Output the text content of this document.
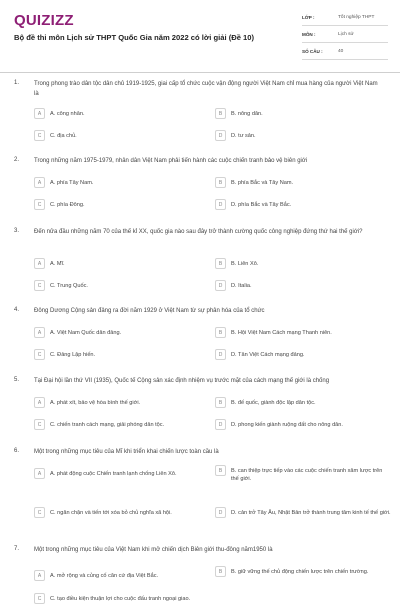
QUIZIZZ
Bộ đề thi môn Lịch sử THPT Quốc Gia năm 2022 có lời giải (Đề 10)
LỚP :	Tốt nghiệp THPT
MÔN :	Lịch sử
SỐ CÂU :	40
1. Trong phong trào dân tộc dân chủ 1919-1925, giai cấp tổ chức cuộc vận động người Việt Nam chỉ mua hàng của người Việt Nam là
A	A. công nhân.	B	B. nông dân.
C	C. địa chủ.	D	D. tư sản.
2. Trong những năm 1975-1979, nhân dân Việt Nam phải tiến hành các cuộc chiến tranh bảo vệ biên giới
A	A. phía Tây Nam.	B	B. phía Bắc và Tây Nam.
C	C. phía Đông.	D	D. phía Bắc và Tây Bắc.
3. Đến nửa đầu những năm 70 của thế kỉ XX, quốc gia nào sau đây trở thành cường quốc công nghiệp đứng thứ hai thế giới?
A	A. Mĩ.	B	B. Liên Xô.
C	C. Trung Quốc.	D	D. Italia.
4. Đông Dương Cộng sản đảng ra đời năm 1929 ở Việt Nam từ sự phân hóa của tổ chức
A	A. Việt Nam Quốc dân đảng.	B	B. Hội Việt Nam Cách mạng Thanh niên.
C	C. Đảng Lập hiến.	D	D. Tân Việt Cách mạng đảng.
5. Tại Đại hội lần thứ VII (1935), Quốc tế Cộng sản xác định nhiệm vụ trước mặt của cách mạng thế giới là chống
A	A. phát xít, bảo vệ hòa bình thế giới.	B	B. đế quốc, giành độc lập dân tộc.
C	C. chiến tranh cách mạng, giải phóng dân tộc.	D	D. phong kiến giành ruộng đất cho nông dân.
6. Một trong những mục tiêu của Mĩ khi triển khai chiến lược toàn cầu là
A	A. phát động cuộc Chiến tranh lạnh chống Liên Xô.	B	B. can thiệp trực tiếp vào các cuộc chiến tranh xâm lược trên thế giới.
C	C. ngăn chặn và tiến tới xóa bỏ chủ nghĩa xã hội.	D	D. cản trở Tây Âu, Nhật Bản trở thành trung tâm kinh tế thế giới.
7. Một trong những mục tiêu của Việt Nam khi mở chiến dịch Biên giới thu-đông năm1950 là
A	A. mở rộng và củng cố căn cứ địa Việt Bắc.
B	B. giữ vững thế chủ động chiến lược trên chiến trường.
C	C. tạo điều kiện thuận lợi cho cuộc đấu tranh ngoại giao.
